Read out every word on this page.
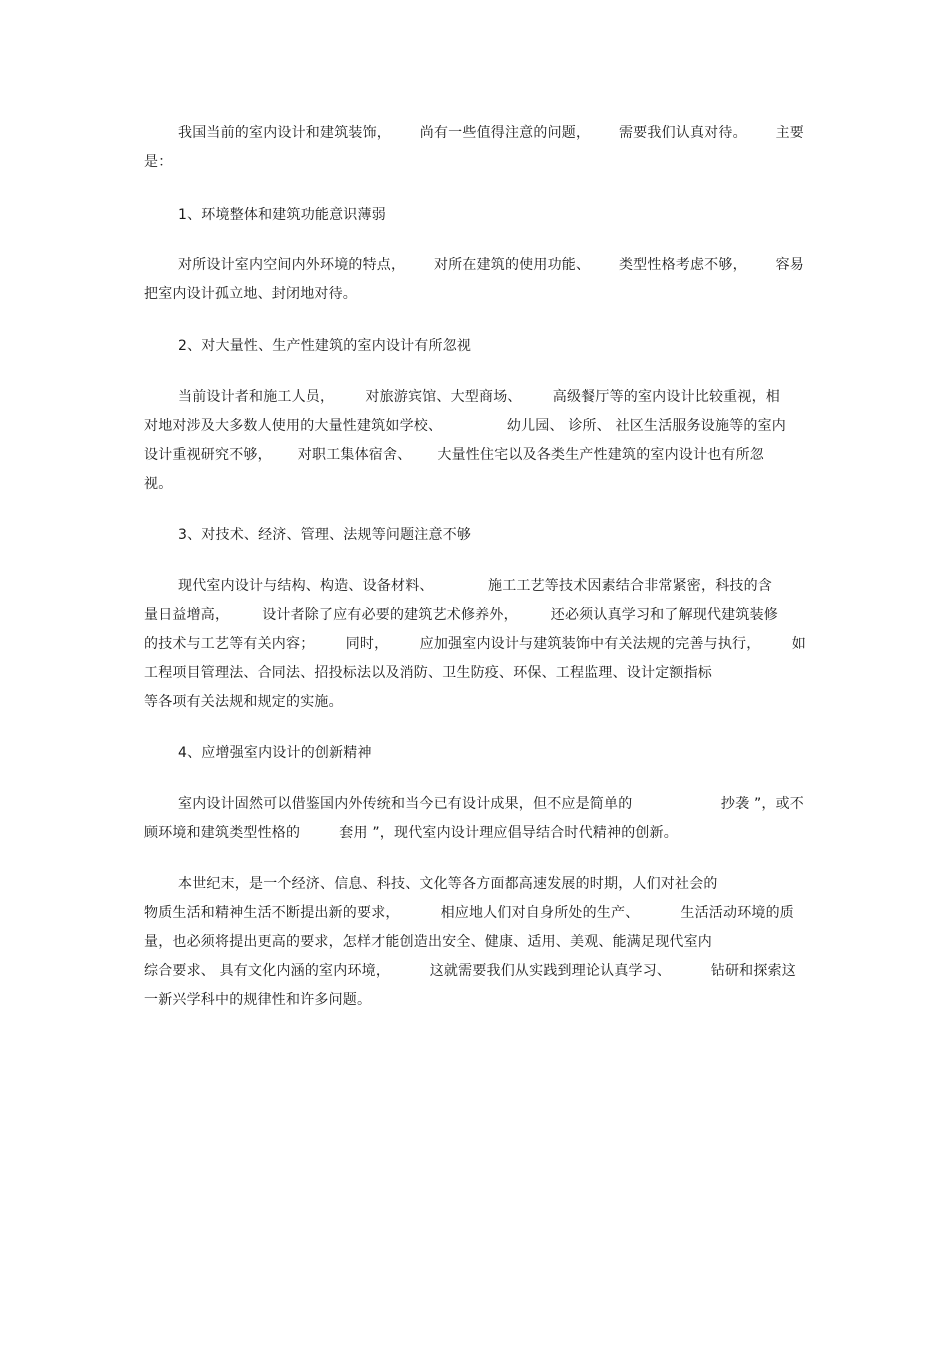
我国当前的室内设计和建筑装饰， 尚有一些值得注意的问题， 需要我们认真对待。 主要
是：
1、环境整体和建筑功能意识薄弱
对所设计室内空间内外环境的特点， 对所在建筑的使用功能、 类型性格考虑不够， 容易
把室内设计孤立地、封闭地对待。
2、对大量性、生产性建筑的室内设计有所忽视
当前设计者和施工人员， 对旅游宾馆、大型商场、 高级餐厅等的室内设计比较重视，相
对地对涉及大多数人使用的大量性建筑如学校、	幼儿园、 诊所、 社区生活服务设施等的室内
设计重视研究不够， 对职工集体宿舍、 大量性住宅以及各类生产性建筑的室内设计也有所忽
视。
3、对技术、经济、管理、法规等问题注意不够
现代室内设计与结构、构造、设备材料、	施工工艺等技术因素结合非常紧密，科技的含
量日益增高， 设计者除了应有必要的建筑艺术修养外， 还必须认真学习和了解现代建筑装修
的技术与工艺等有关内容； 同时， 应加强室内设计与建筑装饰中有关法规的完善与执行， 如
工程项目管理法、合同法、招投标法以及消防、卫生防疫、环保、工程监理、设计定额指标
等各项有关法规和规定的实施。
4、应增强室内设计的创新精神
室内设计固然可以借鉴国内外传统和当今已有设计成果，但不应是简单的	抄袭 ”，或不
顾环境和建筑类型性格的	套用 ”，现代室内设计理应倡导结合时代精神的创新。
本世纪末，是一个经济、信息、科技、文化等各方面都高速发展的时期，人们对社会的
物质生活和精神生活不断提出新的要求，	相应地人们对自身所处的生产、	生活活动环境的质
量，也必须将提出更高的要求，怎样才能创造出安全、健康、适用、美观、能满足现代室内
综合要求、 具有文化内涵的室内环境，	这就需要我们从实践到理论认真学习、	钻研和探索这
一新兴学科中的规律性和许多问题。
